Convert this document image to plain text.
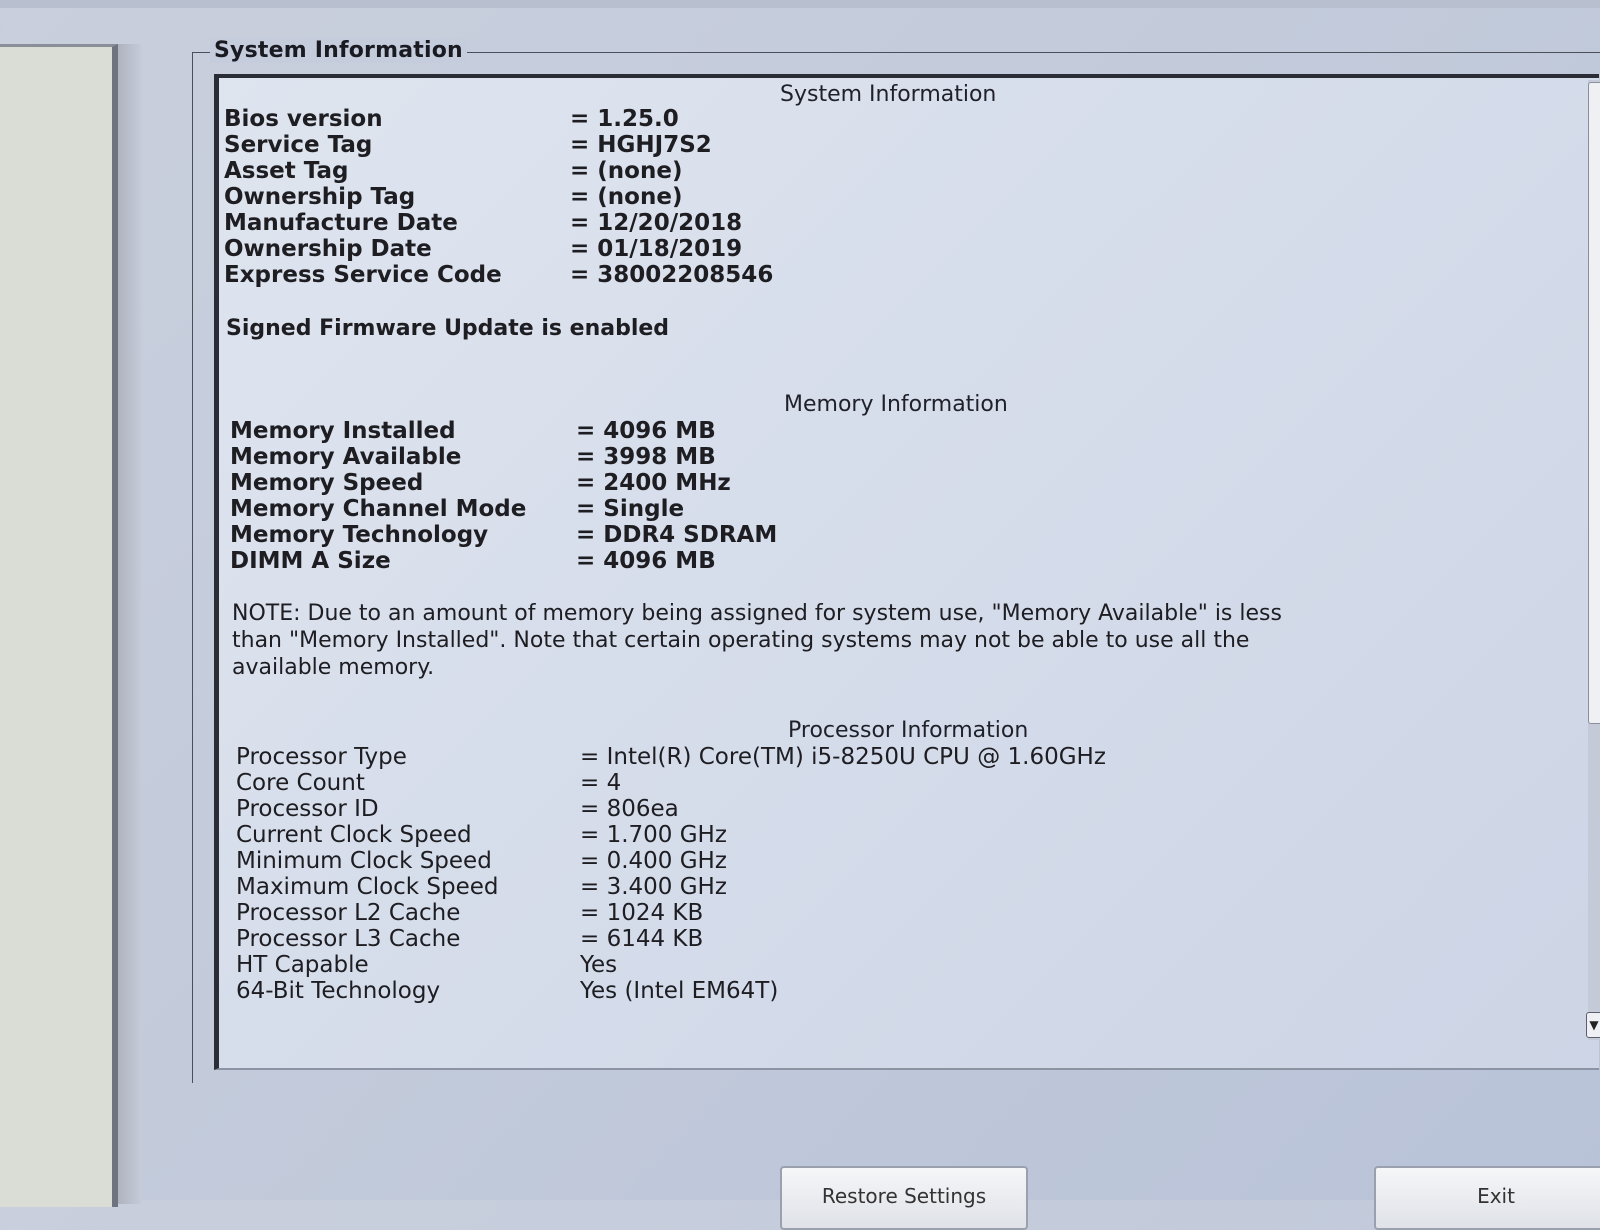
System Information
System Information
Bios version	= 1.25.0
Service Tag	= HGHJ7S2
Asset Tag	= (none)
Ownership Tag	= (none)
Manufacture Date	= 12/20/2018
Ownership Date	= 01/18/2019
Express Service Code	= 38002208546
Signed Firmware Update is enabled
Memory Information
Memory Installed	= 4096 MB
Memory Available	= 3998 MB
Memory Speed	= 2400 MHz
Memory Channel Mode = Single
Memory Technology	= DDR4 SDRAM
DIMM A Size	= 4096 MB
NOTE: Due to an amount of memory being assigned for system use, "Memory Available" is less
than "Memory Installed". Note that certain operating systems may not be able to use all the
available memory.
Processor Information
Processor Type	= Intel(R) Core(TM) i5-8250U CPU @ 1.60GHz
Core Count	= 4
Processor ID	= 806ea
Current Clock Speed	= 1.700 GHz
Minimum Clock Speed	= 0.400 GHz
Maximum Clock Speed	= 3.400 GHz
Processor L2 Cache	= 1024 KB
Processor L3 Cache	= 6144 KB
HT Capable	Yes
64-Bit Technology	Yes (Intel EM64T)
▼
Restore Settings	Exit
